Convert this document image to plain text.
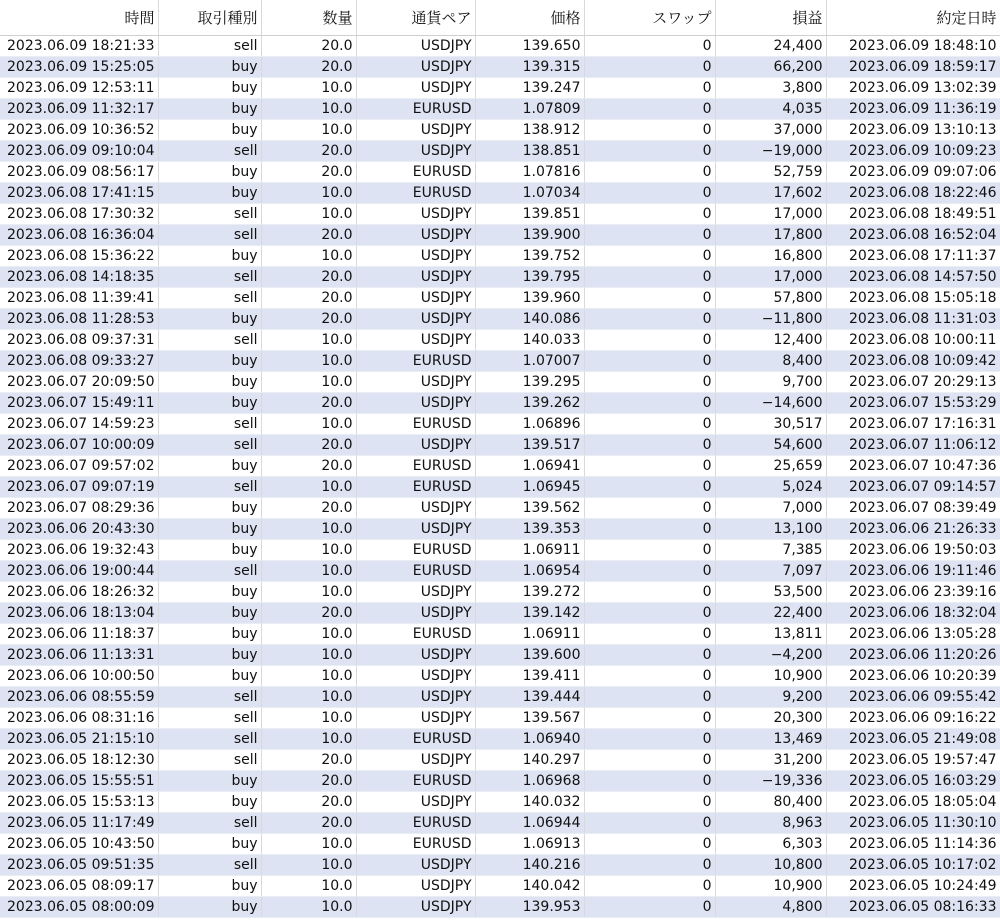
時間	取引種別	数量	通貨ペア	価格	スワップ	損益	約定日時
2023.06.09 18:21:33	sell	20.0	USDJPY	139.650	0	24,400	2023.06.09 18:48:10
2023.06.09 15:25:05	buy	20.0	USDJPY	139.315	0	66,200	2023.06.09 18:59:17
2023.06.09 12:53:11	buy	10.0	USDJPY	139.247	0	3,800	2023.06.09 13:02:39
2023.06.09 11:32:17	buy	10.0	EURUSD	1.07809	0	4,035	2023.06.09 11:36:19
2023.06.09 10:36:52	buy	10.0	USDJPY	138.912	0	37,000	2023.06.09 13:10:13
2023.06.09 09:10:04	sell	20.0	USDJPY	138.851	0	−19,000	2023.06.09 10:09:23
2023.06.09 08:56:17	buy	20.0	EURUSD	1.07816	0	52,759	2023.06.09 09:07:06
2023.06.08 17:41:15	buy	10.0	EURUSD	1.07034	0	17,602	2023.06.08 18:22:46
2023.06.08 17:30:32	sell	10.0	USDJPY	139.851	0	17,000	2023.06.08 18:49:51
2023.06.08 16:36:04	sell	20.0	USDJPY	139.900	0	17,800	2023.06.08 16:52:04
2023.06.08 15:36:22	buy	10.0	USDJPY	139.752	0	16,800	2023.06.08 17:11:37
2023.06.08 14:18:35	sell	20.0	USDJPY	139.795	0	17,000	2023.06.08 14:57:50
2023.06.08 11:39:41	sell	20.0	USDJPY	139.960	0	57,800	2023.06.08 15:05:18
2023.06.08 11:28:53	buy	20.0	USDJPY	140.086	0	−11,800	2023.06.08 11:31:03
2023.06.08 09:37:31	sell	10.0	USDJPY	140.033	0	12,400	2023.06.08 10:00:11
2023.06.08 09:33:27	buy	10.0	EURUSD	1.07007	0	8,400	2023.06.08 10:09:42
2023.06.07 20:09:50	buy	10.0	USDJPY	139.295	0	9,700	2023.06.07 20:29:13
2023.06.07 15:49:11	buy	20.0	USDJPY	139.262	0	−14,600	2023.06.07 15:53:29
2023.06.07 14:59:23	sell	10.0	EURUSD	1.06896	0	30,517	2023.06.07 17:16:31
2023.06.07 10:00:09	sell	20.0	USDJPY	139.517	0	54,600	2023.06.07 11:06:12
2023.06.07 09:57:02	buy	20.0	EURUSD	1.06941	0	25,659	2023.06.07 10:47:36
2023.06.07 09:07:19	sell	10.0	EURUSD	1.06945	0	5,024	2023.06.07 09:14:57
2023.06.07 08:29:36	buy	20.0	USDJPY	139.562	0	7,000	2023.06.07 08:39:49
2023.06.06 20:43:30	buy	10.0	USDJPY	139.353	0	13,100	2023.06.06 21:26:33
2023.06.06 19:32:43	buy	10.0	EURUSD	1.06911	0	7,385	2023.06.06 19:50:03
2023.06.06 19:00:44	sell	10.0	EURUSD	1.06954	0	7,097	2023.06.06 19:11:46
2023.06.06 18:26:32	buy	10.0	USDJPY	139.272	0	53,500	2023.06.06 23:39:16
2023.06.06 18:13:04	buy	20.0	USDJPY	139.142	0	22,400	2023.06.06 18:32:04
2023.06.06 11:18:37	buy	10.0	EURUSD	1.06911	0	13,811	2023.06.06 13:05:28
2023.06.06 11:13:31	buy	10.0	USDJPY	139.600	0	−4,200	2023.06.06 11:20:26
2023.06.06 10:00:50	buy	10.0	USDJPY	139.411	0	10,900	2023.06.06 10:20:39
2023.06.06 08:55:59	sell	10.0	USDJPY	139.444	0	9,200	2023.06.06 09:55:42
2023.06.06 08:31:16	sell	10.0	USDJPY	139.567	0	20,300	2023.06.06 09:16:22
2023.06.05 21:15:10	sell	10.0	EURUSD	1.06940	0	13,469	2023.06.05 21:49:08
2023.06.05 18:12:30	sell	20.0	USDJPY	140.297	0	31,200	2023.06.05 19:57:47
2023.06.05 15:55:51	buy	20.0	EURUSD	1.06968	0	−19,336	2023.06.05 16:03:29
2023.06.05 15:53:13	buy	20.0	USDJPY	140.032	0	80,400	2023.06.05 18:05:04
2023.06.05 11:17:49	sell	20.0	EURUSD	1.06944	0	8,963	2023.06.05 11:30:10
2023.06.05 10:43:50	buy	10.0	EURUSD	1.06913	0	6,303	2023.06.05 11:14:36
2023.06.05 09:51:35	sell	10.0	USDJPY	140.216	0	10,800	2023.06.05 10:17:02
2023.06.05 08:09:17	buy	10.0	USDJPY	140.042	0	10,900	2023.06.05 10:24:49
2023.06.05 08:00:09	buy	10.0	USDJPY	139.953	0	4,800	2023.06.05 08:16:33
